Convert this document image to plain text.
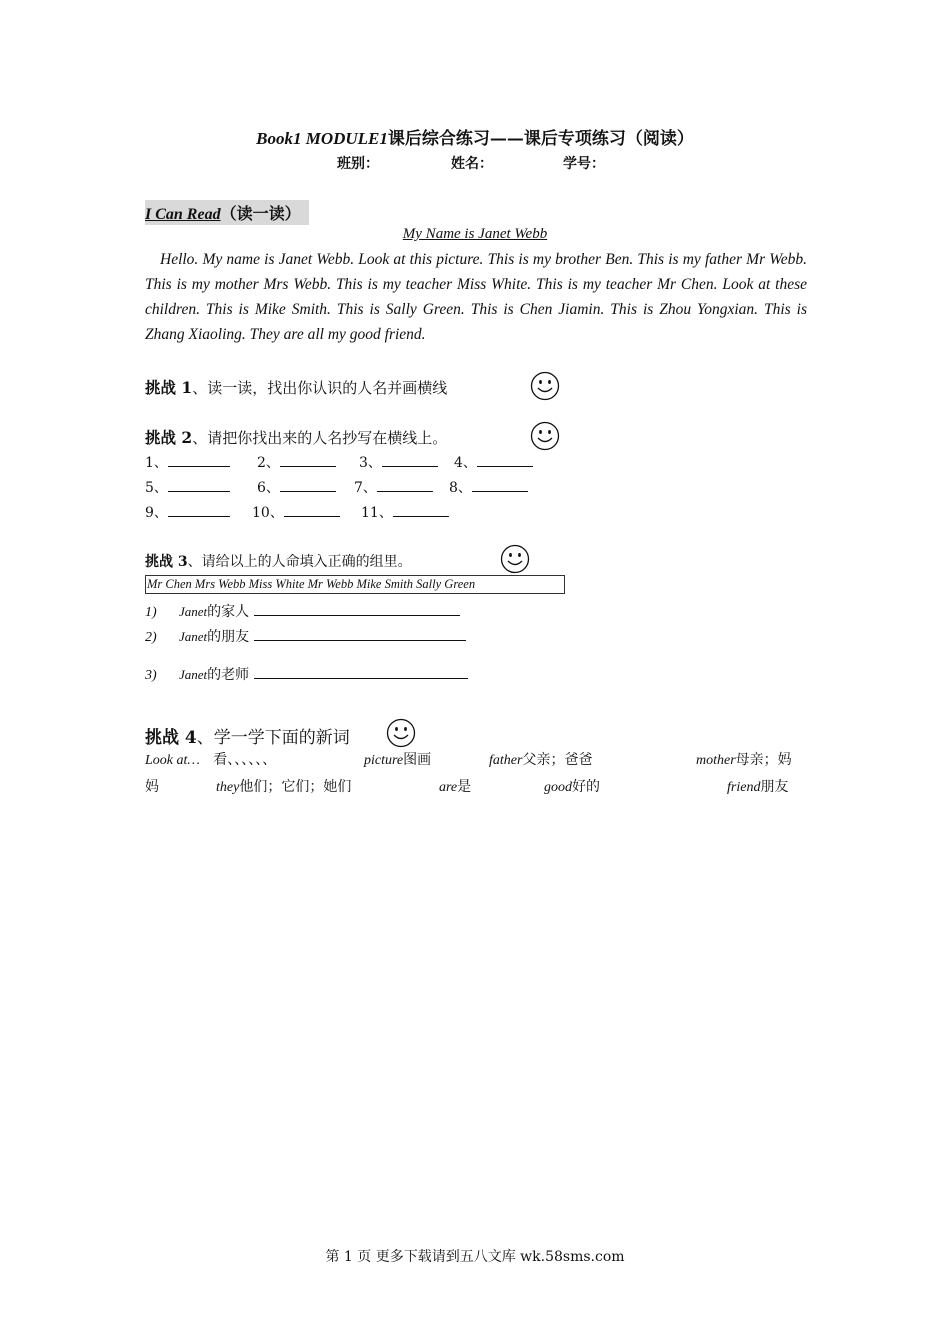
Book1 MODULE1课后综合练习——课后专项练习（阅读）
班别：	姓名：	学号：
I Can Read（读一读）
My Name is Janet Webb
Hello. My name is Janet Webb. Look at this picture. This is my brother Ben. This is my father Mr Webb. This is my mother Mrs Webb. This is my teacher Miss White. This is my teacher Mr Chen. Look at these children. This is Mike Smith. This is Sally Green. This is Chen Jiamin. This is Zhou Yongxian. This is Zhang Xiaoling. They are all my good friend.
挑战 1、读一读，找出你认识的人名并画横线
挑战 2、请把你找出来的人名抄写在横线上。
1、	2、	3、	4、
5、	6、	7、	8、
9、	10、	11、
挑战 3、请给以上的人命填入正确的组里。
Mr Chen Mrs Webb Miss White Mr Webb Mike Smith Sally Green
1) Janet的家人
2) Janet的朋友
3) Janet的老师
挑战 4、学一学下面的新词
Look at… 看、、、、、、	picture图画	father父亲；爸爸	mother母亲；妈
妈	they他们；它们；她们	are是	good好的	friend朋友
第 1 页 更多下载请到五八文库 wk.58sms.com
